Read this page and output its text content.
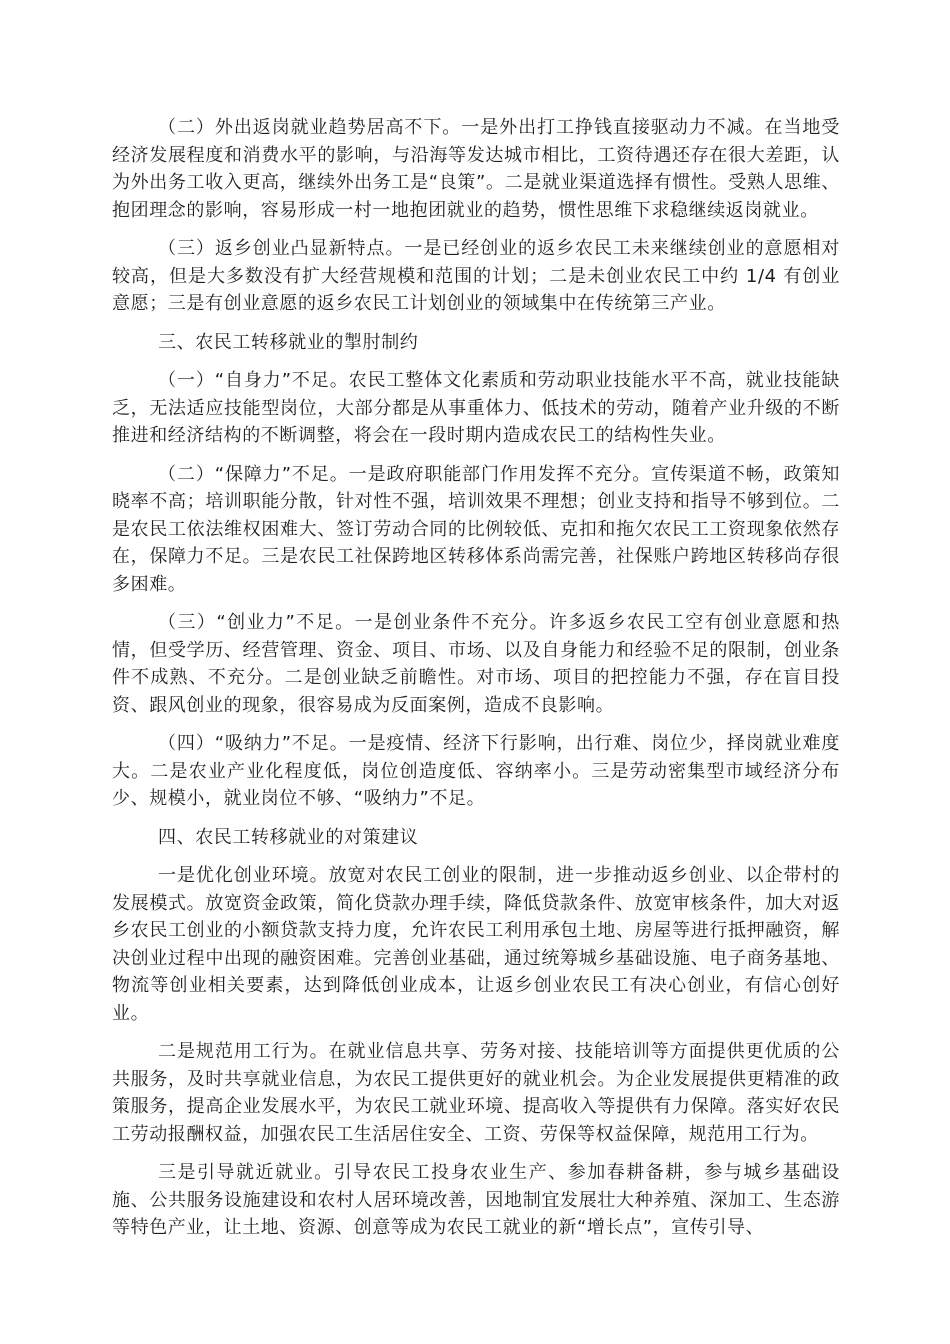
（二）外出返岗就业趋势居高不下。一是外出打工挣钱直接驱动力不减。在当地受经济发展程度和消费水平的影响，与沿海等发达城市相比，工资待遇还存在很大差距，认为外出务工收入更高，继续外出务工是“良策”。二是就业渠道选择有惯性。受熟人思维、抱团理念的影响，容易形成一村一地抱团就业的趋势，惯性思维下求稳继续返岗就业。

（三）返乡创业凸显新特点。一是已经创业的返乡农民工未来继续创业的意愿相对较高，但是大多数没有扩大经营规模和范围的计划；二是未创业农民工中约 1/4 有创业意愿；三是有创业意愿的返乡农民工计划创业的领域集中在传统第三产业。

三、农民工转移就业的掣肘制约

（一）“自身力”不足。农民工整体文化素质和劳动职业技能水平不高，就业技能缺乏，无法适应技能型岗位，大部分都是从事重体力、低技术的劳动，随着产业升级的不断推进和经济结构的不断调整，将会在一段时期内造成农民工的结构性失业。

（二）“保障力”不足。一是政府职能部门作用发挥不充分。宣传渠道不畅，政策知晓率不高；培训职能分散，针对性不强，培训效果不理想；创业支持和指导不够到位。二是农民工依法维权困难大、签订劳动合同的比例较低、克扣和拖欠农民工工资现象依然存在，保障力不足。三是农民工社保跨地区转移体系尚需完善，社保账户跨地区转移尚存很多困难。

（三）“创业力”不足。一是创业条件不充分。许多返乡农民工空有创业意愿和热情，但受学历、经营管理、资金、项目、市场、以及自身能力和经验不足的限制，创业条件不成熟、不充分。二是创业缺乏前瞻性。对市场、项目的把控能力不强，存在盲目投资、跟风创业的现象，很容易成为反面案例，造成不良影响。

（四）“吸纳力”不足。一是疫情、经济下行影响，出行难、岗位少，择岗就业难度大。二是农业产业化程度低，岗位创造度低、容纳率小。三是劳动密集型市域经济分布少、规模小，就业岗位不够、“吸纳力”不足。

四、农民工转移就业的对策建议

一是优化创业环境。放宽对农民工创业的限制，进一步推动返乡创业、以企带村的发展模式。放宽资金政策，简化贷款办理手续，降低贷款条件、放宽审核条件，加大对返乡农民工创业的小额贷款支持力度，允许农民工利用承包土地、房屋等进行抵押融资，解决创业过程中出现的融资困难。完善创业基础，通过统筹城乡基础设施、电子商务基地、物流等创业相关要素，达到降低创业成本，让返乡创业农民工有决心创业，有信心创好业。

二是规范用工行为。在就业信息共享、劳务对接、技能培训等方面提供更优质的公共服务，及时共享就业信息，为农民工提供更好的就业机会。为企业发展提供更精准的政策服务，提高企业发展水平，为农民工就业环境、提高收入等提供有力保障。落实好农民工劳动报酬权益，加强农民工生活居住安全、工资、劳保等权益保障，规范用工行为。

三是引导就近就业。引导农民工投身农业生产、参加春耕备耕，参与城乡基础设施、公共服务设施建设和农村人居环境改善，因地制宜发展壮大种养殖、深加工、生态游等特色产业，让土地、资源、创意等成为农民工就业的新“增长点”，宣传引导、
